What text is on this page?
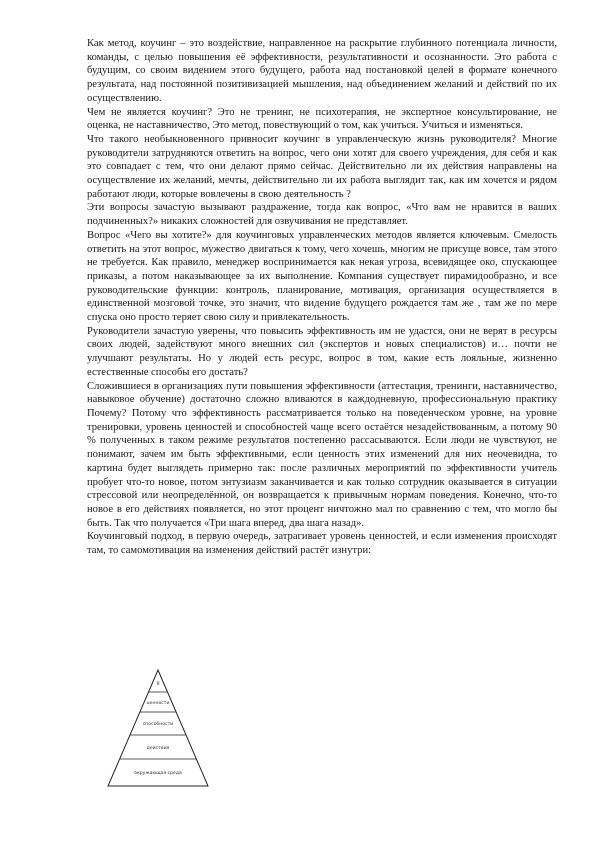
Как метод, коучинг – это воздействие, направленное на раскрытие глубинного потенциала личности, команды, с целью повышения её эффективности, результативности и осознанности. Это работа с будущим, со своим видением этого будущего, работа над постановкой целей в формате конечного результата, над постоянной позитивизацией мышления, над объединением желаний и действий по их осуществлению.

Чем не является коучинг? Это не тренинг, не психотерапия, не экспертное консультирование, не оценка, не наставничество, Это метод, повествующий о том, как учиться. Учиться и изменяться.

Что такого необыкновенного привносит коучинг в управленческую жизнь руководителя? Многие руководители затрудняются ответить на вопрос, чего они хотят для своего учреждения, для себя и как это совпадает с тем, что они делают прямо сейчас. Действительно ли их действия направлены на осуществление их желаний, мечты, действительно ли их работа выглядит так, как им хочется и рядом работают люди, которые вовлечены в свою деятельность ?

Эти вопросы зачастую вызывают раздражение, тогда как вопрос, «Что вам не нравится в ваших подчиненных?» никаких сложностей для озвучивания не представляет.

Вопрос «Чего вы хотите?» для коучинговых управленческих методов является ключевым. Смелость ответить на этот вопрос, мужество двигаться к тому, чего хочешь, многим не присуще вовсе, там этого не требуется. Как правило, менеджер воспринимается как некая угроза, всевидящее око, спускающее приказы, а потом наказывающее за их выполнение. Компания существует пирамидообразно, и все руководительские функции: контроль, планирование, мотивация, организация осуществляется в единственной мозговой точке, это значит, что видение будущего рождается там же , там же по мере спуска оно просто теряет свою силу и привлекательность.

Руководители зачастую уверены, что повысить эффективность им не удастся, они не верят в ресурсы своих людей, задействуют много внешних сил (экспертов и новых специалистов) и… почти не улучшают результаты. Но у людей есть ресурс, вопрос в том, какие есть лояльные, жизненно естественные способы его достать?

Сложившиеся в организациях пути повышения эффективности (аттестация, тренинги, наставничество, навыковое обучение) достаточно сложно вливаются в каждодневную, профессиональную практику Почему? Потому что эффективность рассматривается только на поведенческом уровне, на уровне тренировки, уровень ценностей и способностей чаще всего остаётся незадействованным, а потому 90 % полученных в таком режиме результатов постепенно рассасываются. Если люди не чувствуют, не понимают, зачем им быть эффективными, если ценность этих изменений для них неочевидна, то картина будет выглядеть примерно так: после различных мероприятий по эффективности учитель пробует что-то новое, потом энтузиазм заканчивается и как только сотрудник оказывается в ситуации стрессовой или неопределённой, он возвращается к привычным нормам поведения. Конечно, что-то новое в его действиях появляется, но этот процент ничтожно мал по сравнению с тем, что могло бы быть. Так что получается «Три шага вперед, два шага назад».

Коучинговый подход, в первую очередь, затрагивает уровень ценностей, и если изменения происходят там, то самомотивация на изменения действий растёт изнутри:

Я
ценности
способности
действия
окружающая среда
